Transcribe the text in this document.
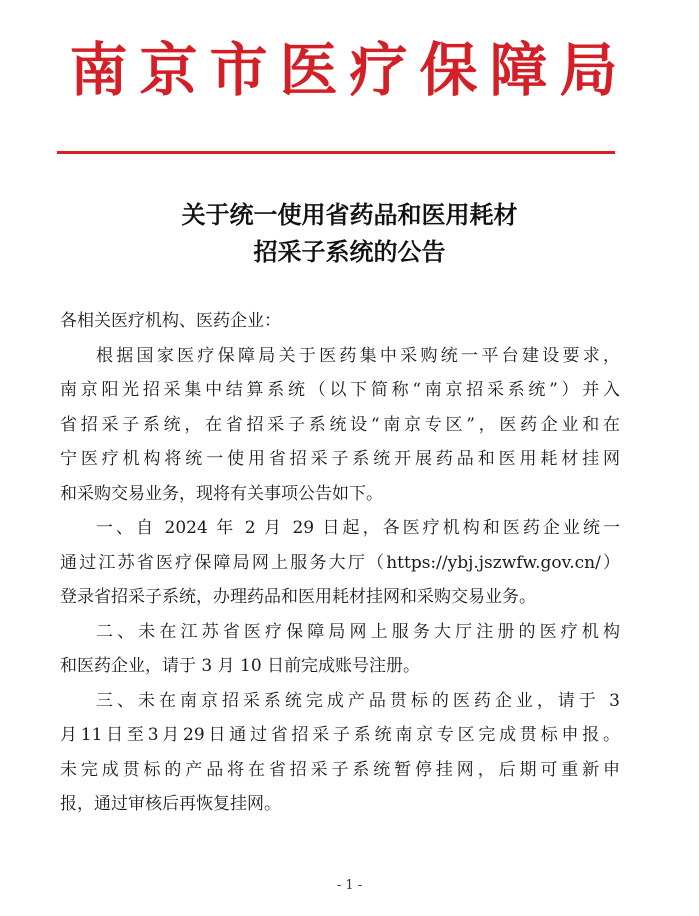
南京市医疗保障局
关于统一使用省药品和医用耗材
招采子系统的公告
各相关医疗机构、医药企业：
根据国家医疗保障局关于医药集中采购统一平台建设要求，
南京阳光招采集中结算系统（以下简称“南京招采系统”）并入
省招采子系统，在省招采子系统设“南京专区”，医药企业和在
宁医疗机构将统一使用省招采子系统开展药品和医用耗材挂网
和采购交易业务，现将有关事项公告如下。
一、自 2024 年 2 月 29 日起，各医疗机构和医药企业统一
通过江苏省医疗保障局网上服务大厅（https://ybj.jszwfw.gov.cn/）
登录省招采子系统，办理药品和医用耗材挂网和采购交易业务。
二、未在江苏省医疗保障局网上服务大厅注册的医疗机构
和医药企业，请于 3 月 10 日前完成账号注册。
三、未在南京招采系统完成产品贯标的医药企业，请于 3
月11日至3月29日通过省招采子系统南京专区完成贯标申报。
未完成贯标的产品将在省招采子系统暂停挂网，后期可重新申
报，通过审核后再恢复挂网。
- 1 -
